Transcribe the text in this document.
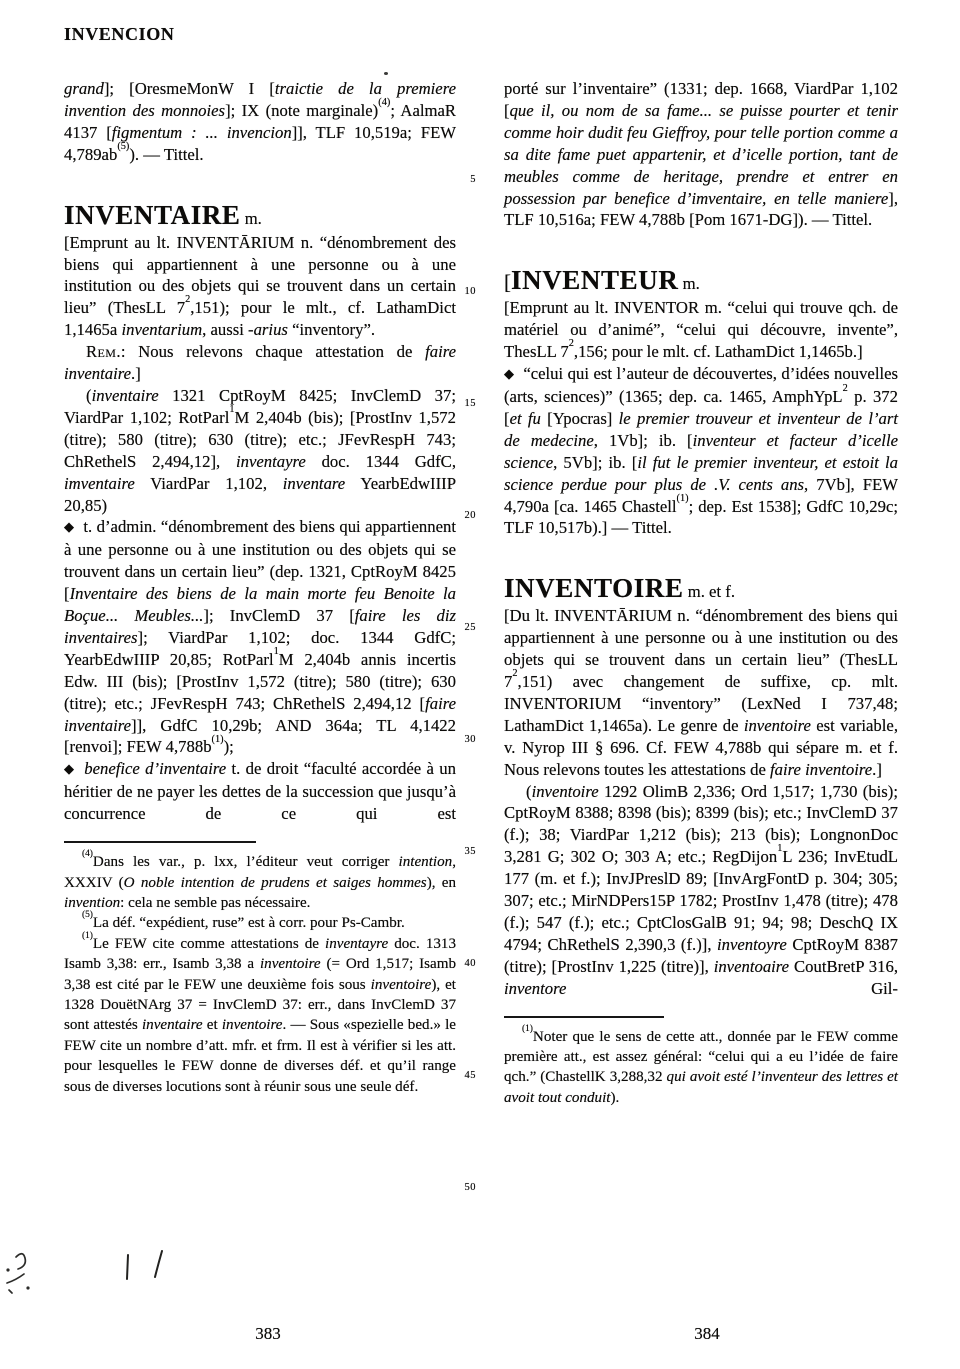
INVENCION

grand]; [OresmeMonW I [traictie de la premiere invention des monnoies]; IX (note marginale)$^{(4)}$; AalmaR 4137 [figmentum : ... invencion]], TLF 10,519a; FEW $4,789ab^{(5)}$). — Tittel.

INVENTAIRE m.

[Emprunt au lt. INVENTĀRIUM n. “dénombrement des biens qui appartiennent à une personne ou à une institution ou des objets qui se trouvent dans un certain lieu” (ThesLL $7^2,151$); pour le mlt., cf. LathamDict 1,1465a inventarium, aussi -arius “inventory”.

Rem.: Nous relevons chaque attestation de faire inventaire.]

(inventaire 1321 CptRoyM 8425; InvClemD 37; ViardPar 1,102; RotParl$^1$M 2,404b (bis); [ProstInv 1,572 (titre); 580 (titre); 630 (titre); etc.; JFevRespH 743; ChRethelS 2,494,12], inventayre doc. 1344 GdfC, imventaire ViardPar 1,102, inventare YearbEdwIIIP 20,85)

◆ t. d’admin. “dénombrement des biens qui appartiennent à une personne ou à une institution ou des objets qui se trouvent dans un certain lieu” (dep. 1321, CptRoyM 8425 [Inventaire des biens de la main morte feu Benoite la Boçue... Meubles...]; InvClemD 37 [faire les diz inventaires]; ViardPar 1,102; doc. 1344 GdfC; YearbEdwIIIP 20,85; RotParl$^1$M 2,404b annis incertis Edw. III (bis); [ProstInv 1,572 (titre); 580 (titre); 630 (titre); etc.; JFevRespH 743; ChRethelS 2,494,12 [faire inventaire]], GdfC 10,29b; AND 364a; TL 4,1422 [renvoi]; FEW $4,788b^{(1)}$);

◆ benefice d’inventaire t. de droit “faculté accordée à un héritier de ne payer les dettes de la succession que jusqu’à concurrence de ce qui est

$^{(4)}$Dans les var., p. lxx, l’éditeur veut corriger intention, XXXIV (O noble intention de prudens et saiges hommes), en invention: cela ne semble pas nécessaire.

$^{(5)}$La déf. “expédient, ruse” est à corr. pour Ps-Cambr.

$^{(1)}$Le FEW cite comme attestations de inventayre doc. 1313 Isamb 3,38: err., Isamb 3,38 a inventoire (= Ord 1,517; Isamb 3,38 est cité par le FEW une deuxième fois sous inventoire), et 1328 DouëtNArg 37 = InvClemD 37: err., dans InvClemD 37 sont attestés inventaire et inventoire. — Sous «spezielle bed.» le FEW cite un nombre d’att. mfr. et frm. Il est à vérifier si les att. pour lesquelles le FEW donne de diverses déf. et qu’il range sous de diverses locutions sont à réunir sous une seule déf.

porté sur l’inventaire” (1331; dep. 1668, ViardPar 1,102 [que il, ou nom de sa fame... se puisse pourter et tenir comme hoir dudit feu Gieffroy, pour telle portion comme a sa dite fame puet appartenir, et d’icelle portion, tant de meubles comme de heritage, prendre et entrer en possession par benefice d’imventaire, en telle maniere], TLF 10,516a; FEW 4,788b [Pom 1671-DG]). — Tittel.

[INVENTEUR m.

[Emprunt au lt. INVENTOR m. “celui qui trouve qch. de matériel ou d’animé”, “celui qui découvre, invente”, ThesLL $7^2,156$; pour le mlt. cf. LathamDict 1,1465b.]

◆ “celui qui est l’auteur de découvertes, d’idées nouvelles (arts, sciences)” (1365; dep. ca. 1465, AmphYpL$^2$ p. 372 [et fu [Ypocras] le premier trouveur et inventeur de l’art de medecine, 1Vb]; ib. [inventeur et facteur d’icelle science, 5Vb]; ib. [il fut le premier inventeur, et estoit la science perdue pour plus de .V. cents ans, 7Vb], FEW 4,790a [ca. 1465 Chastell$^{(1)}$; dep. Est 1538]; GdfC 10,29c; TLF 10,517b).] — Tittel.

INVENTOIRE m. et f.

[Du lt. INVENTĀRIUM n. “dénombrement des biens qui appartiennent à une personne ou à une institution ou des objets qui se trouvent dans un certain lieu” (ThesLL $7^2,151$) avec changement de suffixe, cp. mlt. INVENTORIUM “inventory” (LexNed I 737,48; LathamDict 1,1465a). Le genre de inventoire est variable, v. Nyrop III § 696. Cf. FEW 4,788b qui sépare m. et f. Nous relevons toutes les attestations de faire inventoire.]

(inventoire 1292 OlimB 2,336; Ord 1,517; 1,730 (bis); CptRoyM 8388; 8398 (bis); 8399 (bis); etc.; InvClemD 37 (f.); 38; ViardPar 1,212 (bis); 213 (bis); LongnonDoc 3,281 G; 302 O; 303 A; etc.; RegDijon$^1$L 236; InvEtudL 177 (m. et f.); InvJPreslD 89; [InvArgFontD p. 304; 305; 307; etc.; MirNDPers15P 1782; ProstInv 1,478 (titre); 478 (f.); 547 (f.); etc.; CptClosGalB 91; 94; 98; DeschQ IX 4794; ChRethelS 2,390,3 (f.)], inventoyre CptRoyM 8387 (titre); [ProstInv 1,225 (titre)], inventoaire CoutBretP 316, inventore Gil-

$^{(1)}$Noter que le sens de cette att., donnée par le FEW comme première att., est assez général: “celui qui a eu l’idée de faire qch.” (ChastellK 3,288,32 qui avoit esté l’inventeur des lettres et avoit tout conduit).

5
10
15
20
25
30
35
40
45
50
383	384
